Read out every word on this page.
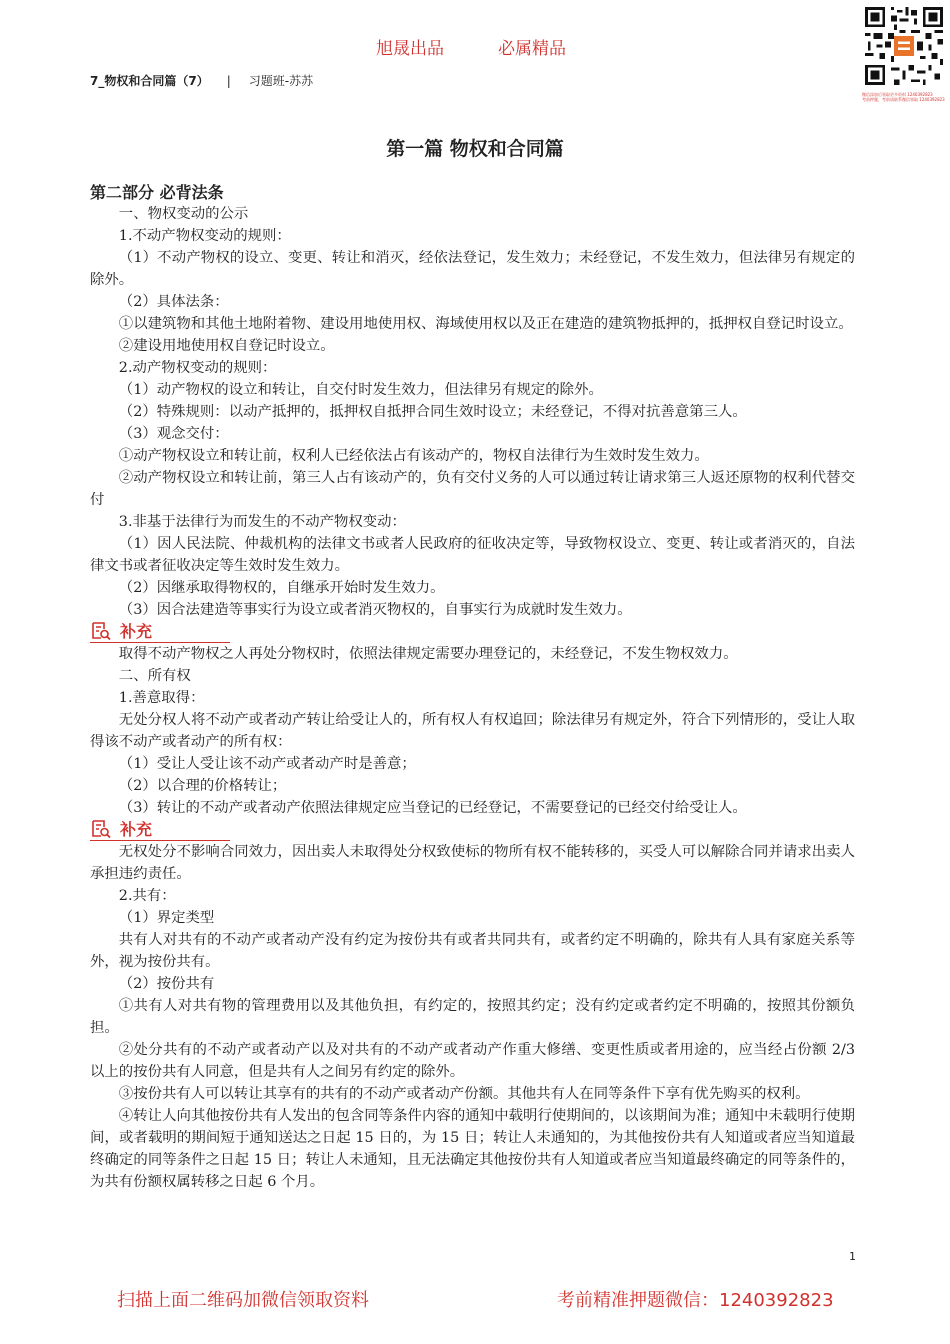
旭晟出品	必属精品
微信添加后领取更多资料 1240392823
考前押题，考前请联系微信领取 1240392823
7_物权和合同篇（7） | 习题班-苏苏
第一篇 物权和合同篇
第二部分 必背法条

一、物权变动的公示

1.不动产物权变动的规则：

（1）不动产物权的设立、变更、转让和消灭，经依法登记，发生效力；未经登记，不发生效力，但法律另有规定的除外。

（2）具体法条：

①以建筑物和其他土地附着物、建设用地使用权、海域使用权以及正在建造的建筑物抵押的，抵押权自登记时设立。

②建设用地使用权自登记时设立。

2.动产物权变动的规则：

（1）动产物权的设立和转让，自交付时发生效力，但法律另有规定的除外。

（2）特殊规则：以动产抵押的，抵押权自抵押合同生效时设立；未经登记，不得对抗善意第三人。

（3）观念交付：

①动产物权设立和转让前，权利人已经依法占有该动产的，物权自法律行为生效时发生效力。

②动产物权设立和转让前，第三人占有该动产的，负有交付义务的人可以通过转让请求第三人返还原物的权利代替交付

3.非基于法律行为而发生的不动产物权变动：

（1）因人民法院、仲裁机构的法律文书或者人民政府的征收决定等，导致物权设立、变更、转让或者消灭的，自法律文书或者征收决定等生效时发生效力。

（2）因继承取得物权的，自继承开始时发生效力。

（3）因合法建造等事实行为设立或者消灭物权的，自事实行为成就时发生效力。

补充

取得不动产物权之人再处分物权时，依照法律规定需要办理登记的，未经登记，不发生物权效力。

二、所有权

1.善意取得：

无处分权人将不动产或者动产转让给受让人的，所有权人有权追回；除法律另有规定外，符合下列情形的，受让人取得该不动产或者动产的所有权：

（1）受让人受让该不动产或者动产时是善意；

（2）以合理的价格转让；

（3）转让的不动产或者动产依照法律规定应当登记的已经登记，不需要登记的已经交付给受让人。

补充

无权处分不影响合同效力，因出卖人未取得处分权致使标的物所有权不能转移的，买受人可以解除合同并请求出卖人承担违约责任。

2.共有：

（1）界定类型

共有人对共有的不动产或者动产没有约定为按份共有或者共同共有，或者约定不明确的，除共有人具有家庭关系等外，视为按份共有。

（2）按份共有

①共有人对共有物的管理费用以及其他负担，有约定的，按照其约定；没有约定或者约定不明确的，按照其份额负担。

②处分共有的不动产或者动产以及对共有的不动产或者动产作重大修缮、变更性质或者用途的，应当经占份额 2/3 以上的按份共有人同意，但是共有人之间另有约定的除外。

③按份共有人可以转让其享有的共有的不动产或者动产份额。其他共有人在同等条件下享有优先购买的权利。

④转让人向其他按份共有人发出的包含同等条件内容的通知中载明行使期间的，以该期间为准；通知中未载明行使期间，或者载明的期间短于通知送达之日起 15 日的，为 15 日；转让人未通知的，为其他按份共有人知道或者应当知道最终确定的同等条件之日起 15 日；转让人未通知，且无法确定其他按份共有人知道或者应当知道最终确定的同等条件的，为共有份额权属转移之日起 6 个月。

1
扫描上面二维码加微信领取资料	考前精准押题微信：1240392823
